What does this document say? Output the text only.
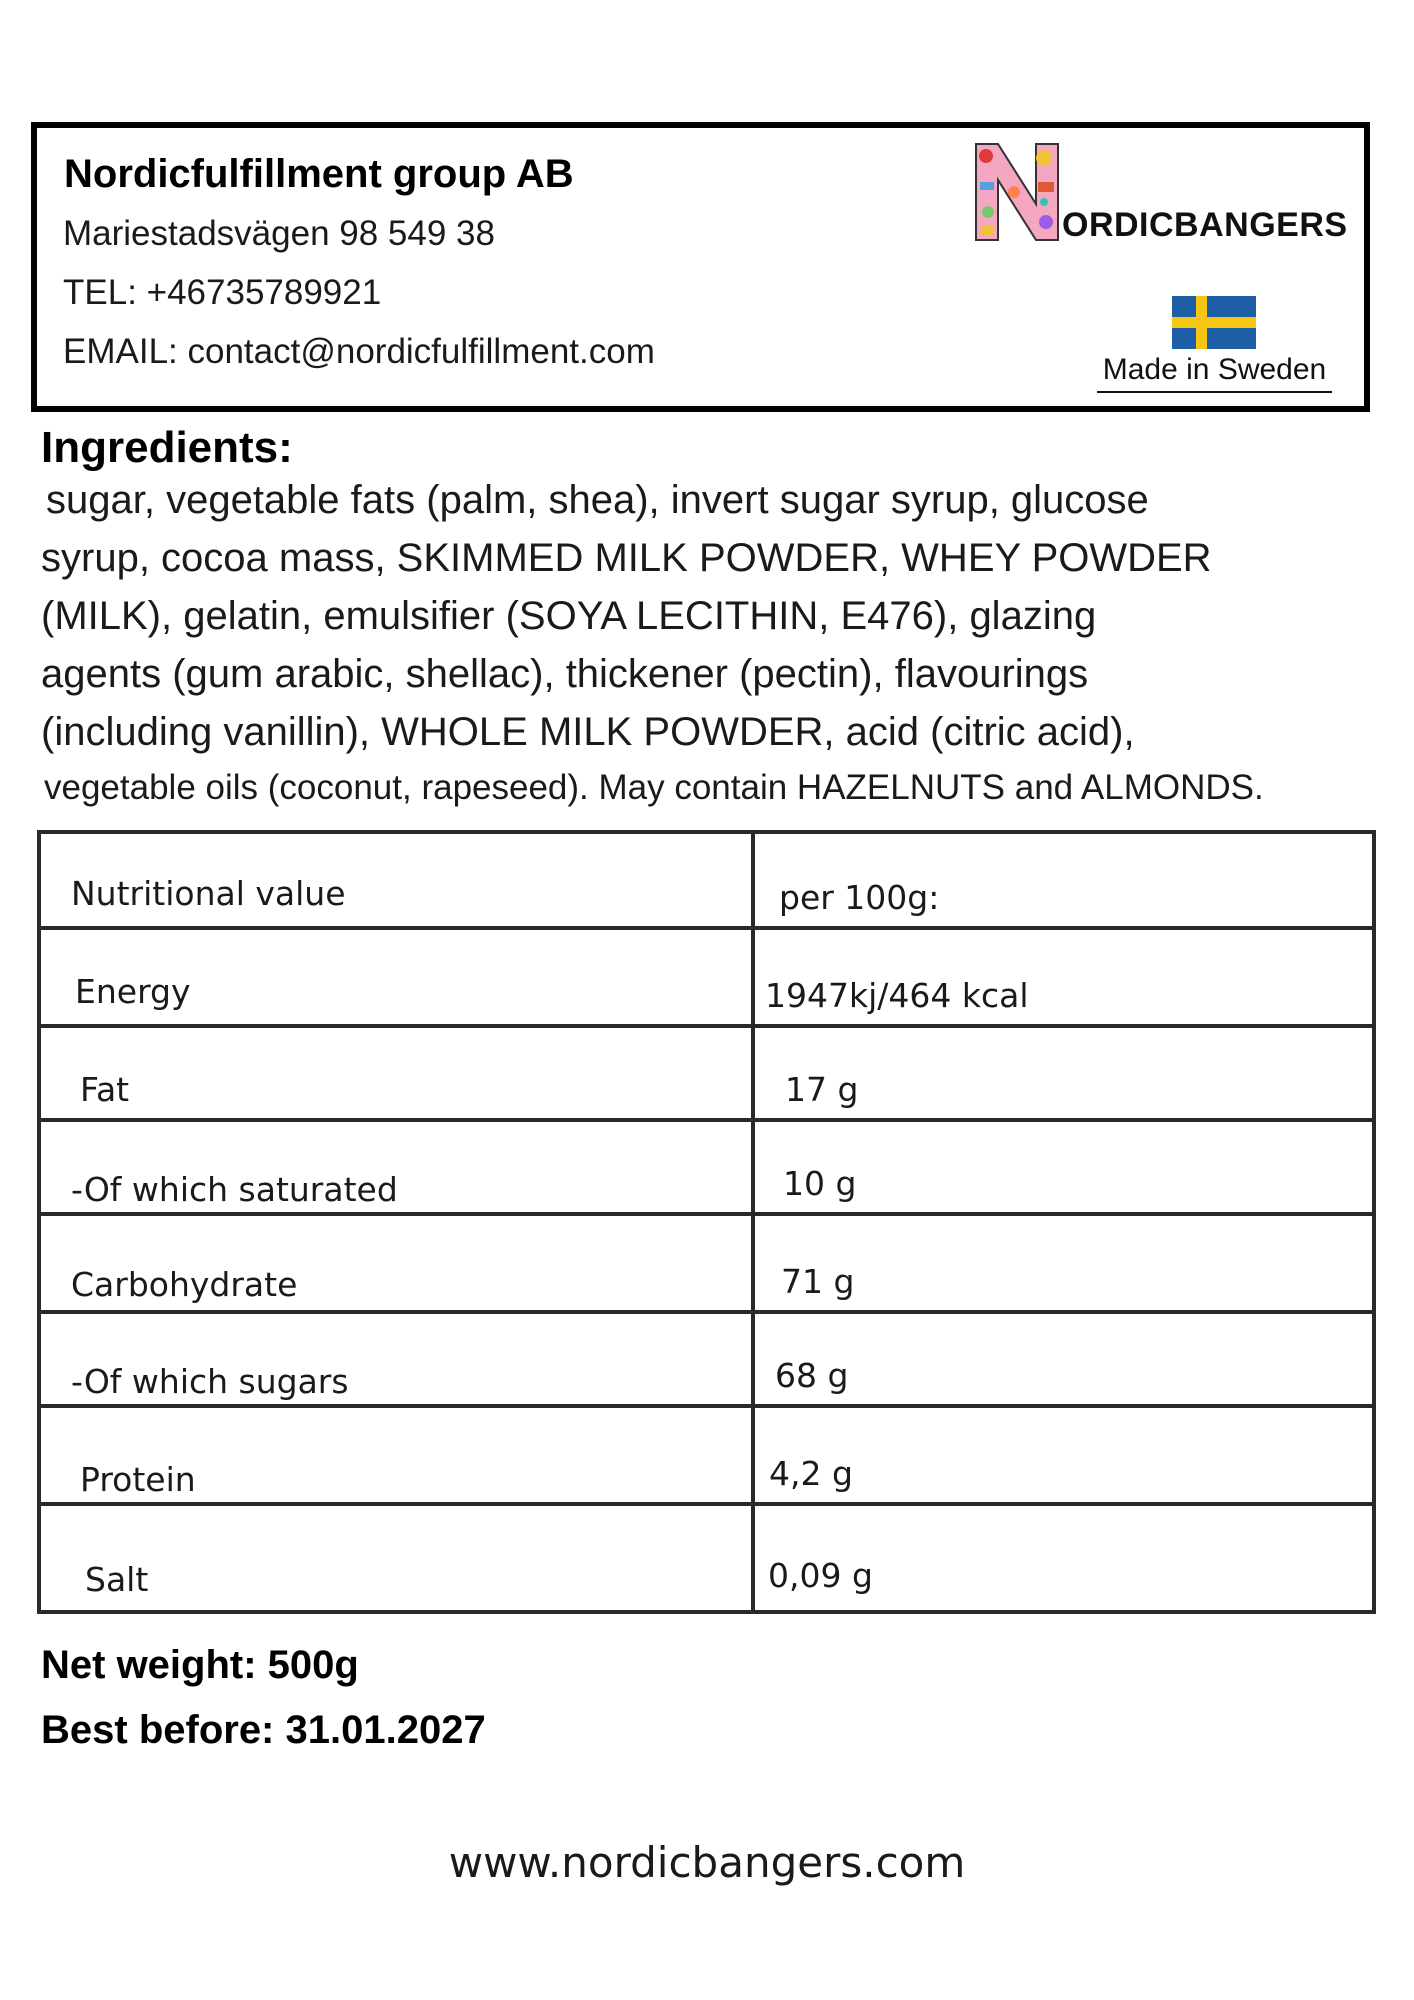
Nordicfulfillment group AB
Mariestadsvägen 98 549 38
TEL: +46735789921
EMAIL: contact@nordicfulfillment.com
ORDICBANGERS
Made in Sweden
Ingredients:
sugar, vegetable fats (palm, shea), invert sugar syrup, glucose
syrup, cocoa mass, SKIMMED MILK POWDER, WHEY POWDER
(MILK), gelatin, emulsifier (SOYA LECITHIN, E476), glazing
agents (gum arabic, shellac), thickener (pectin), flavourings
(including vanillin), WHOLE MILK POWDER, acid (citric acid),
vegetable oils (coconut, rapeseed). May contain HAZELNUTS and ALMONDS.
Nutritional value	per 100g:
Energy	1947kj/464 kcal
Fat	17 g
-Of which saturated	10 g
Carbohydrate	71 g
-Of which sugars	68 g
Protein	4,2 g
Salt	0,09 g
Net weight: 500g
Best before: 31.01.2027
www.nordicbangers.com
